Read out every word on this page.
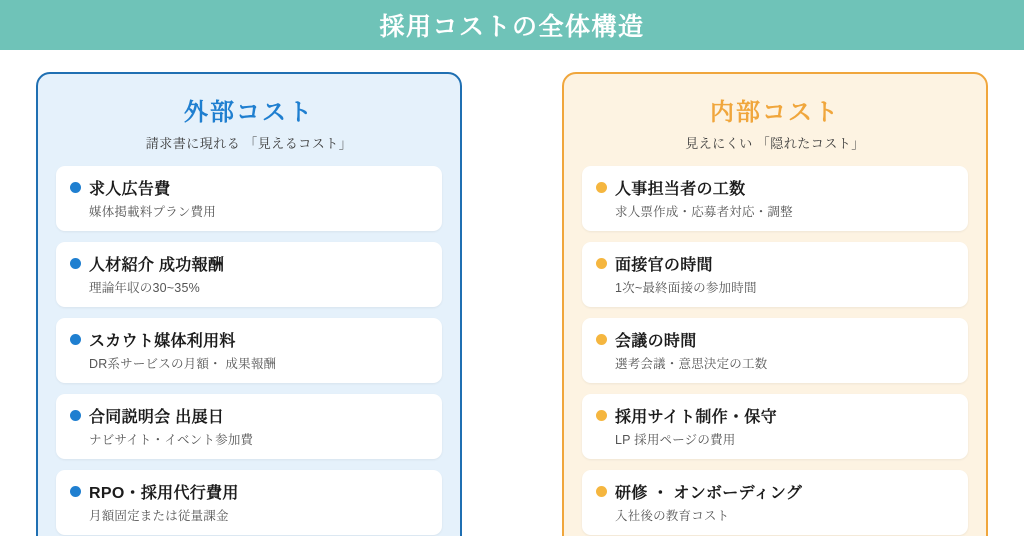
採用コストの全体構造
外部コスト
請求書に現れる 「見えるコスト」
求人広告費
媒体掲載料プラン費用
人材紹介 成功報酬
理論年収の30~35%
スカウト媒体利用料
DR系サービスの月額・ 成果報酬
合同説明会 出展日
ナビサイト・イベント参加費
RPO・採用代行費用
月額固定または従量課金
内部コスト
見えにくい 「隠れたコスト」
人事担当者の工数
求人票作成・応募者対応・調整
面接官の時間
1次~最終面接の参加時間
会議の時間
選考会議・意思決定の工数
採用サイト制作・保守
LP 採用ページの費用
研修 ・ オンボーディング
入社後の教育コスト
